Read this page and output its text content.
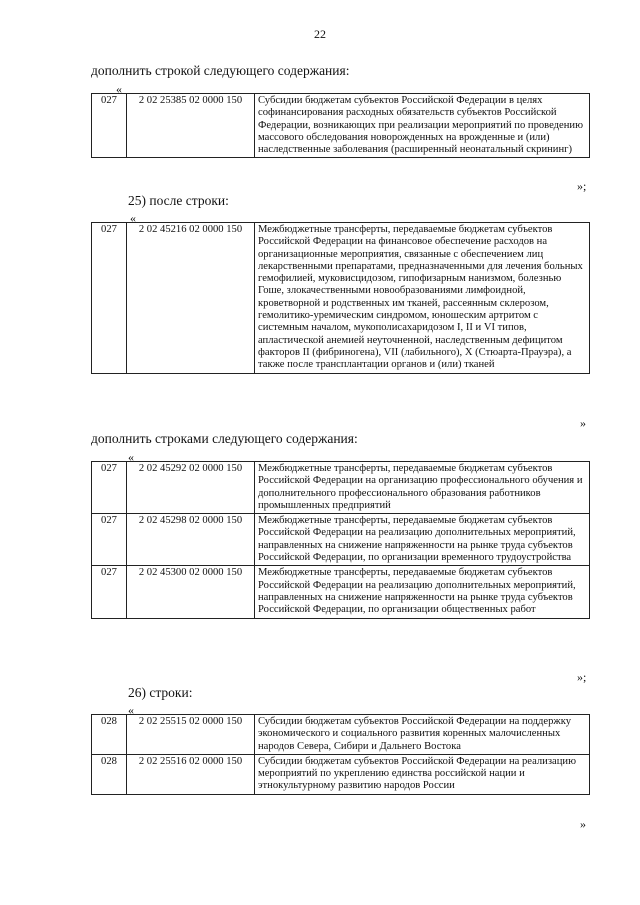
22
дополнить строкой следующего содержания:
«
027	2 02 25385 02 0000 150	Субсидии бюджетам субъектов Российской Федерации в целях софинансирования расходных обязательств субъектов Российской Федерации, возникающих при реализации мероприятий по проведению массового обследования новорожденных на врожденные и (или) наследственные заболевания (расширенный неонатальный скрининг)
»;
25) после строки:
«
027	2 02 45216 02 0000 150	Межбюджетные трансферты, передаваемые бюджетам субъектов Российской Федерации на финансовое обеспечение расходов на организационные мероприятия, связанные с обеспечением лиц лекарственными препаратами, предназначенными для лечения больных гемофилией, муковисцидозом, гипофизарным нанизмом, болезнью Гоше, злокачественными новообразованиями лимфоидной, кроветворной и родственных им тканей, рассеянным склерозом, гемолитико-уремическим синдромом, юношеским артритом с системным началом, мукополисахаридозом I, II и VI типов, апластической анемией неуточненной, наследственным дефицитом факторов II (фибриногена), VII (лабильного), X (Стюарта-Прауэра), а также после трансплантации органов и (или) тканей
»
дополнить строками следующего содержания:
«
027	2 02 45292 02 0000 150	Межбюджетные трансферты, передаваемые бюджетам субъектов Российской Федерации на организацию профессионального обучения и дополнительного профессионального образования работников промышленных предприятий
027	2 02 45298 02 0000 150	Межбюджетные трансферты, передаваемые бюджетам субъектов Российской Федерации на реализацию дополнительных мероприятий, направленных на снижение напряженности на рынке труда субъектов Российской Федерации, по организации временного трудоустройства
027	2 02 45300 02 0000 150	Межбюджетные трансферты, передаваемые бюджетам субъектов Российской Федерации на реализацию дополнительных мероприятий, направленных на снижение напряженности на рынке труда субъектов Российской Федерации, по организации общественных работ
»;
26) строки:
«
028	2 02 25515 02 0000 150	Субсидии бюджетам субъектов Российской Федерации на поддержку экономического и социального развития коренных малочисленных народов Севера, Сибири и Дальнего Востока
028	2 02 25516 02 0000 150	Субсидии бюджетам субъектов Российской Федерации на реализацию мероприятий по укреплению единства российской нации и этнокультурному развитию народов России
»
